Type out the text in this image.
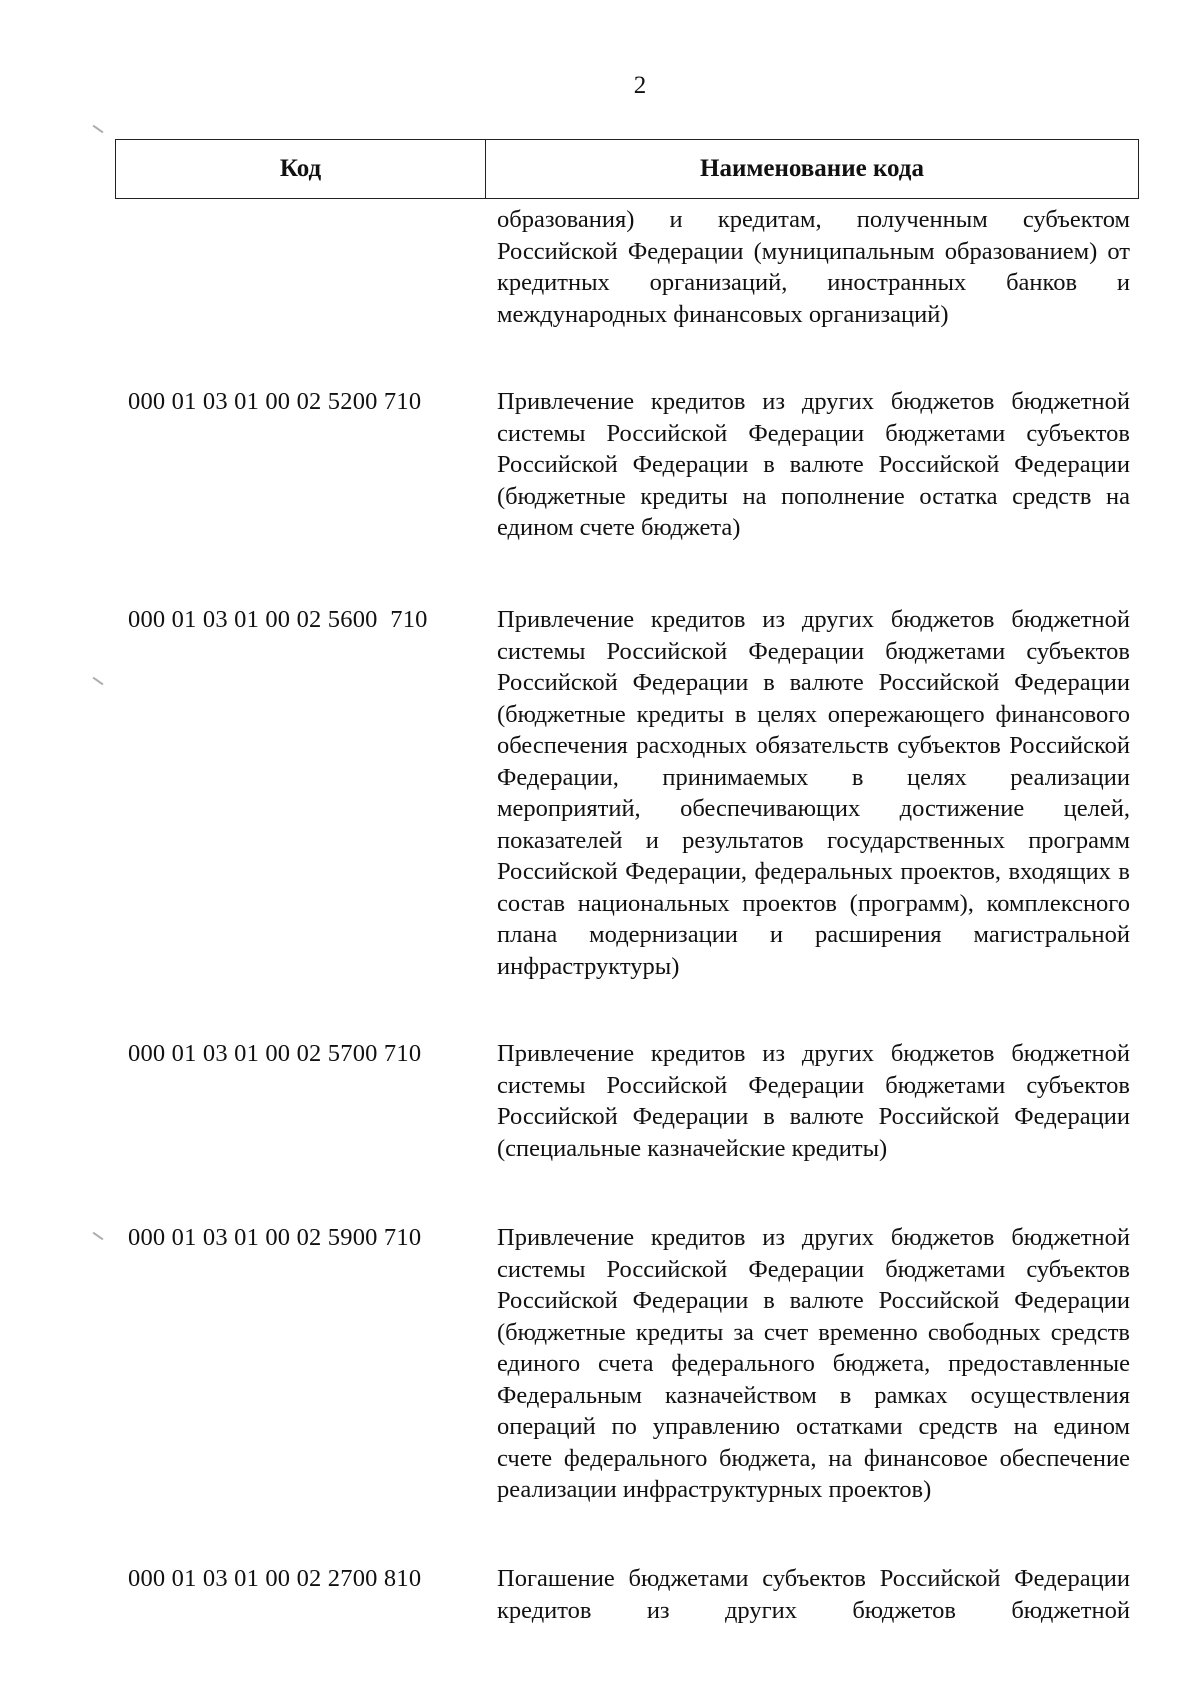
2
Код	Наименование кода
образования) и кредитам, полученным субъектом Российской Федерации (муниципальным образованием) от кредитных организаций, иностранных банков и международных финансовых организаций)
000 01 03 01 00 02 5200 710	Привлечение кредитов из других бюджетов бюджетной системы Российской Федерации бюджетами субъектов Российской Федерации в валюте Российской Федерации (бюджетные кредиты на пополнение остатка средств на едином счете бюджета)
000 01 03 01 00 02 5600  710	Привлечение кредитов из других бюджетов бюджетной системы Российской Федерации бюджетами субъектов Российской Федерации в валюте Российской Федерации (бюджетные кредиты в целях опережающего финансового обеспечения расходных обязательств субъектов Российской Федерации, принимаемых в целях реализации мероприятий, обеспечивающих достижение целей, показателей и результатов государственных программ Российской Федерации, федеральных проектов, входящих в состав национальных проектов (программ), комплексного плана модернизации и расширения магистральной инфраструктуры)
000 01 03 01 00 02 5700 710	Привлечение кредитов из других бюджетов бюджетной системы Российской Федерации бюджетами субъектов Российской Федерации в валюте Российской Федерации (специальные казначейские кредиты)
000 01 03 01 00 02 5900 710	Привлечение кредитов из других бюджетов бюджетной системы Российской Федерации бюджетами субъектов Российской Федерации в валюте Российской Федерации (бюджетные кредиты за счет временно свободных средств единого счета федерального бюджета, предоставленные Федеральным казначейством в рамках осуществления операций по управлению остатками средств на едином счете федерального бюджета, на финансовое обеспечение реализации инфраструктурных проектов)
000 01 03 01 00 02 2700 810	Погашение бюджетами субъектов Российской Федерации кредитов из других бюджетов бюджетной
